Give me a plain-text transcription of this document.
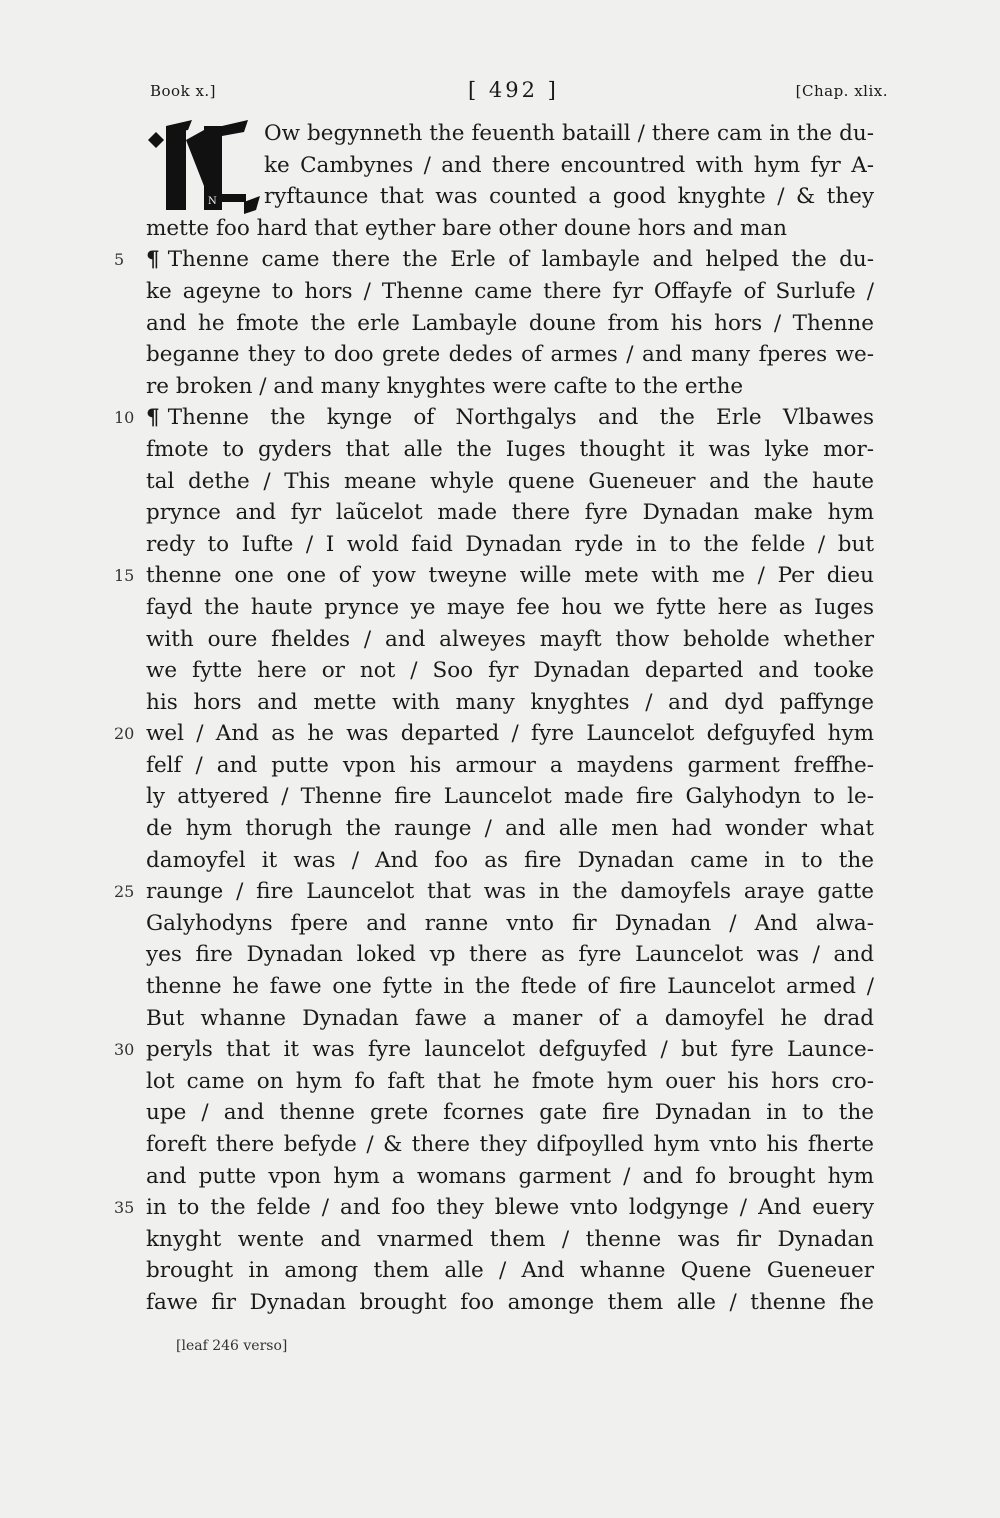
Book x.]	[ 492 ]	[Chap. xlix.
N
Ow begynneth the feuenth bataill / there cam in the du-
ke Cambynes / and there encountred with hym fyr A-
ryftaunce that was counted a good knyghte / & they
mette foo hard that eyther bare other doune hors and man
5	¶ Thenne came there the Erle of lambayle and helped the du-
ke ageyne to hors / Thenne came there fyr Offayfe of Surlufe /
and he fmote the erle Lambayle doune from his hors / Thenne
beganne they to doo grete dedes of armes / and many fperes we-
re broken / and many knyghtes were cafte to the erthe
10 ¶ Thenne the kynge of Northgalys and the Erle Vlbawes
fmote to gyders that alle the Iuges thought it was lyke mor-
tal dethe / This meane whyle quene Gueneuer and the haute
prynce and fyr laũcelot made there fyre Dynadan make hym
redy to Iufte / I wold faid Dynadan ryde in to the felde / but
15 thenne one one of yow tweyne wille mete with me / Per dieu
fayd the haute prynce ye maye fee hou we fytte here as Iuges
with oure fheldes / and alweyes mayft thow beholde whether
we fytte here or not / Soo fyr Dynadan departed and tooke
his hors and mette with many knyghtes / and dyd paffynge
20 wel / And as he was departed / fyre Launcelot defguyfed hym
felf / and putte vpon his armour a maydens garment freffhe-
ly attyered / Thenne fire Launcelot made fire Galyhodyn to le-
de hym thorugh the raunge / and alle men had wonder what
damoyfel it was / And foo as fire Dynadan came in to the
25 raunge / fire Launcelot that was in the damoyfels araye gatte
Galyhodyns fpere and ranne vnto fir Dynadan / And alwa-
yes fire Dynadan loked vp there as fyre Launcelot was / and
thenne he fawe one fytte in the ftede of fire Launcelot armed /
But whanne Dynadan fawe a maner of a damoyfel he drad
30 peryls that it was fyre launcelot defguyfed / but fyre Launce-
lot came on hym fo faft that he fmote hym ouer his hors cro-
upe / and thenne grete fcornes gate fire Dynadan in to the
foreft there befyde / & there they difpoylled hym vnto his fherte
and putte vpon hym a womans garment / and fo brought hym
35 in to the felde / and foo they blewe vnto lodgynge / And euery
knyght wente and vnarmed them / thenne was fir Dynadan
brought in among them alle / And whanne Quene Gueneuer
fawe fir Dynadan brought foo amonge them alle / thenne fhe
[leaf 246 verso]
